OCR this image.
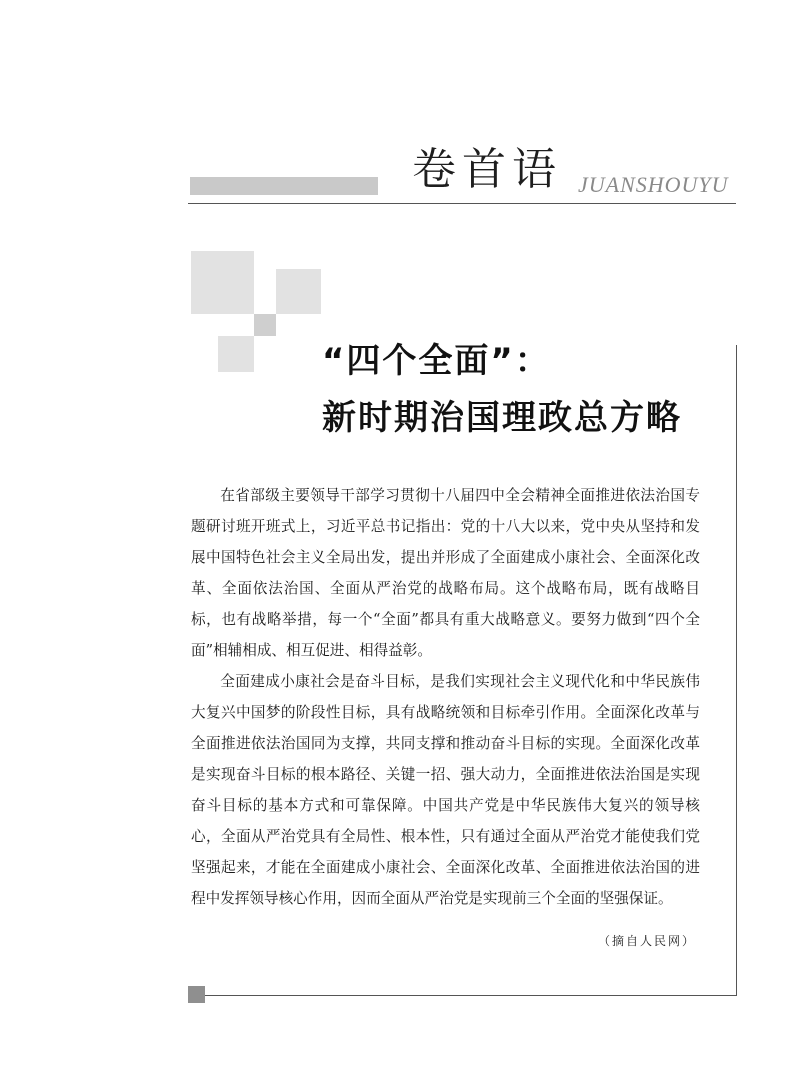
卷首语 JUANSHOUYU
“四个全面”：
新时期治国理政总方略

在省部级主要领导干部学习贯彻十八届四中全会精神全面推进依法治国专题研讨班开班式上，习近平总书记指出：党的十八大以来，党中央从坚持和发展中国特色社会主义全局出发，提出并形成了全面建成小康社会、全面深化改革、全面依法治国、全面从严治党的战略布局。这个战略布局，既有战略目标，也有战略举措，每一个“全面”都具有重大战略意义。要努力做到“四个全面”相辅相成、相互促进、相得益彰。

全面建成小康社会是奋斗目标，是我们实现社会主义现代化和中华民族伟大复兴中国梦的阶段性目标，具有战略统领和目标牵引作用。全面深化改革与全面推进依法治国同为支撑，共同支撑和推动奋斗目标的实现。全面深化改革是实现奋斗目标的根本路径、关键一招、强大动力，全面推进依法治国是实现奋斗目标的基本方式和可靠保障。中国共产党是中华民族伟大复兴的领导核心，全面从严治党具有全局性、根本性，只有通过全面从严治党才能使我们党坚强起来，才能在全面建成小康社会、全面深化改革、全面推进依法治国的进程中发挥领导核心作用，因而全面从严治党是实现前三个全面的坚强保证。

（摘自人民网）
